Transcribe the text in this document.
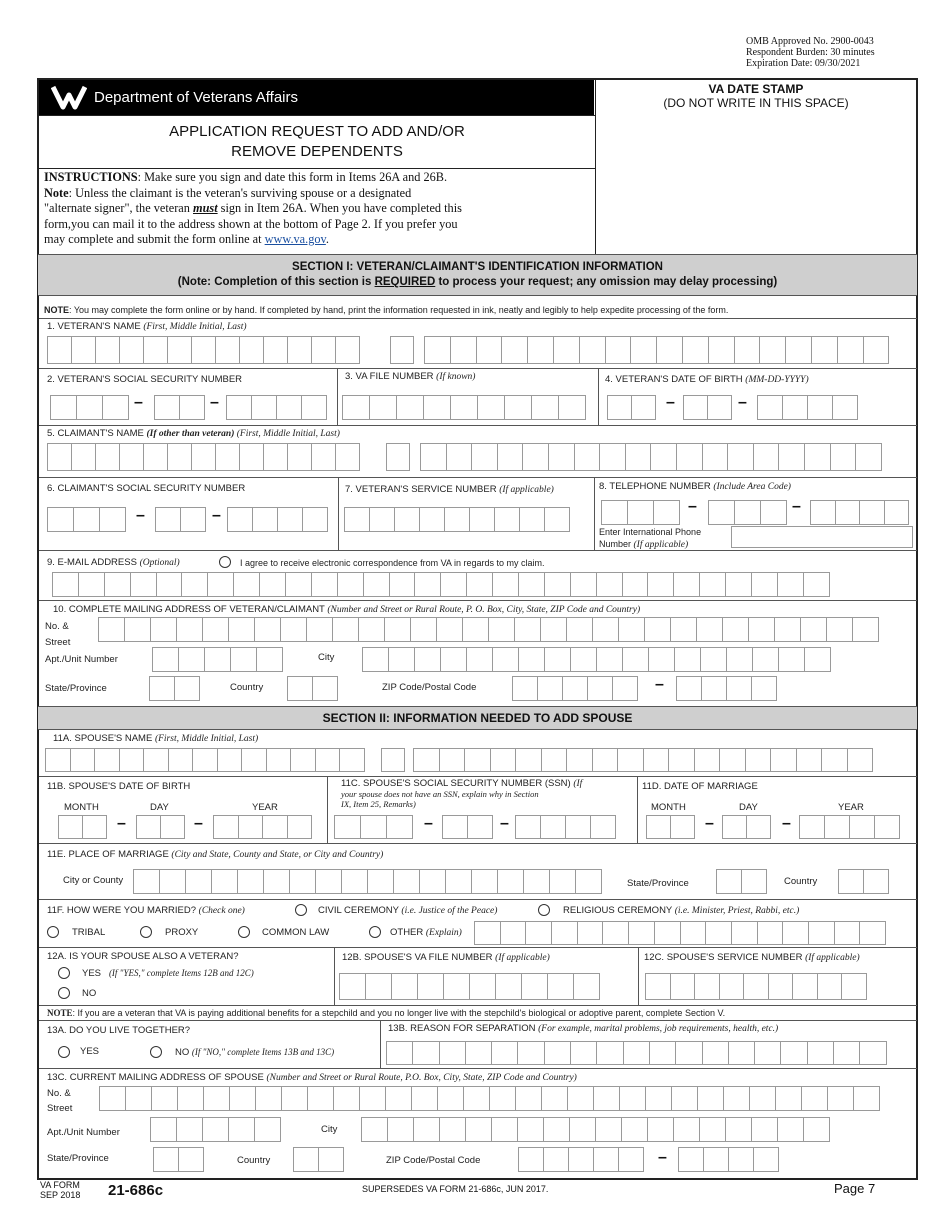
OMB Approved No. 2900-0043
Respondent Burden: 30 minutes
Expiration Date: 09/30/2021
Department of Veterans Affairs	VA DATE STAMP
(DO NOT WRITE IN THIS SPACE)
APPLICATION REQUEST TO ADD AND/OR
REMOVE DEPENDENTS
INSTRUCTIONS: Make sure you sign and date this form in Items 26A and 26B.
Note: Unless the claimant is the veteran's surviving spouse or a designated
"alternate signer", the veteran must sign in Item 26A. When you have completed this
form,you can mail it to the address shown at the bottom of Page 2. If you prefer you
may complete and submit the form online at www.va.gov.
SECTION I: VETERAN/CLAIMANT'S IDENTIFICATION INFORMATION
(Note: Completion of this section is REQUIRED to process your request; any omission may delay processing)
NOTE: You may complete the form online or by hand. If completed by hand, print the information requested in ink, neatly and legibly to help expedite processing of the form.
1. VETERAN'S NAME (First, Middle Initial, Last)
2. VETERAN'S SOCIAL SECURITY NUMBER	3. VA FILE NUMBER (If known)	4. VETERAN'S DATE OF BIRTH (MM-DD-YYYY)
–	–	–	–
5. CLAIMANT'S NAME (If other than veteran) (First, Middle Initial, Last)
6. CLAIMANT'S SOCIAL SECURITY NUMBER	7. VETERAN'S SERVICE NUMBER (If applicable)	8. TELEPHONE NUMBER (Include Area Code)
–	–
–	–
Enter International Phone
Number (If applicable)
9. E-MAIL ADDRESS (Optional)	I agree to receive electronic correspondence from VA in regards to my claim.
10. COMPLETE MAILING ADDRESS OF VETERAN/CLAIMANT (Number and Street or Rural Route, P. O. Box, City, State, ZIP Code and Country)
No. &
Street
Apt./Unit Number	City
State/Province	Country	ZIP Code/Postal Code	–
SECTION II: INFORMATION NEEDED TO ADD SPOUSE
11A. SPOUSE'S NAME (First, Middle Initial, Last)
11B. SPOUSE'S DATE OF BIRTH
MONTH	DAY	YEAR
–	–
11C. SPOUSE'S SOCIAL SECURITY NUMBER (SSN) (If
your spouse does not have an SSN, explain why in Section
IX, Item 25, Remarks)
–	–
11D. DATE OF MARRIAGE
MONTH	DAY	YEAR
–	–
11E. PLACE OF MARRIAGE (City and State, County and State, or City and Country)
City or County	State/Province	Country
11F. HOW WERE YOU MARRIED? (Check one)	CIVIL CEREMONY (i.e. Justice of the Peace)	RELIGIOUS CEREMONY (i.e. Minister, Priest, Rabbi, etc.)
TRIBAL	PROXY	COMMON LAW	OTHER (Explain)
12A. IS YOUR SPOUSE ALSO A VETERAN?
YES (If "YES," complete Items 12B and 12C)
NO
12B. SPOUSE'S VA FILE NUMBER (If applicable)	12C. SPOUSE'S SERVICE NUMBER (If applicable)
NOTE: If you are a veteran that VA is paying additional benefits for a stepchild and you no longer live with the stepchild's biological or adoptive parent, complete Section V.
13A. DO YOU LIVE TOGETHER?
YES	NO (If "NO," complete Items 13B and 13C)
13B. REASON FOR SEPARATION (For example, marital problems, job requirements, health, etc.)
13C. CURRENT MAILING ADDRESS OF SPOUSE (Number and Street or Rural Route, P.O. Box, City, State, ZIP Code and Country)
No. &
Street
Apt./Unit Number	City
State/Province	Country	ZIP Code/Postal Code	–
VA FORM
SEP 2018 21-686c	SUPERSEDES VA FORM 21-686c, JUN 2017.	Page 7
